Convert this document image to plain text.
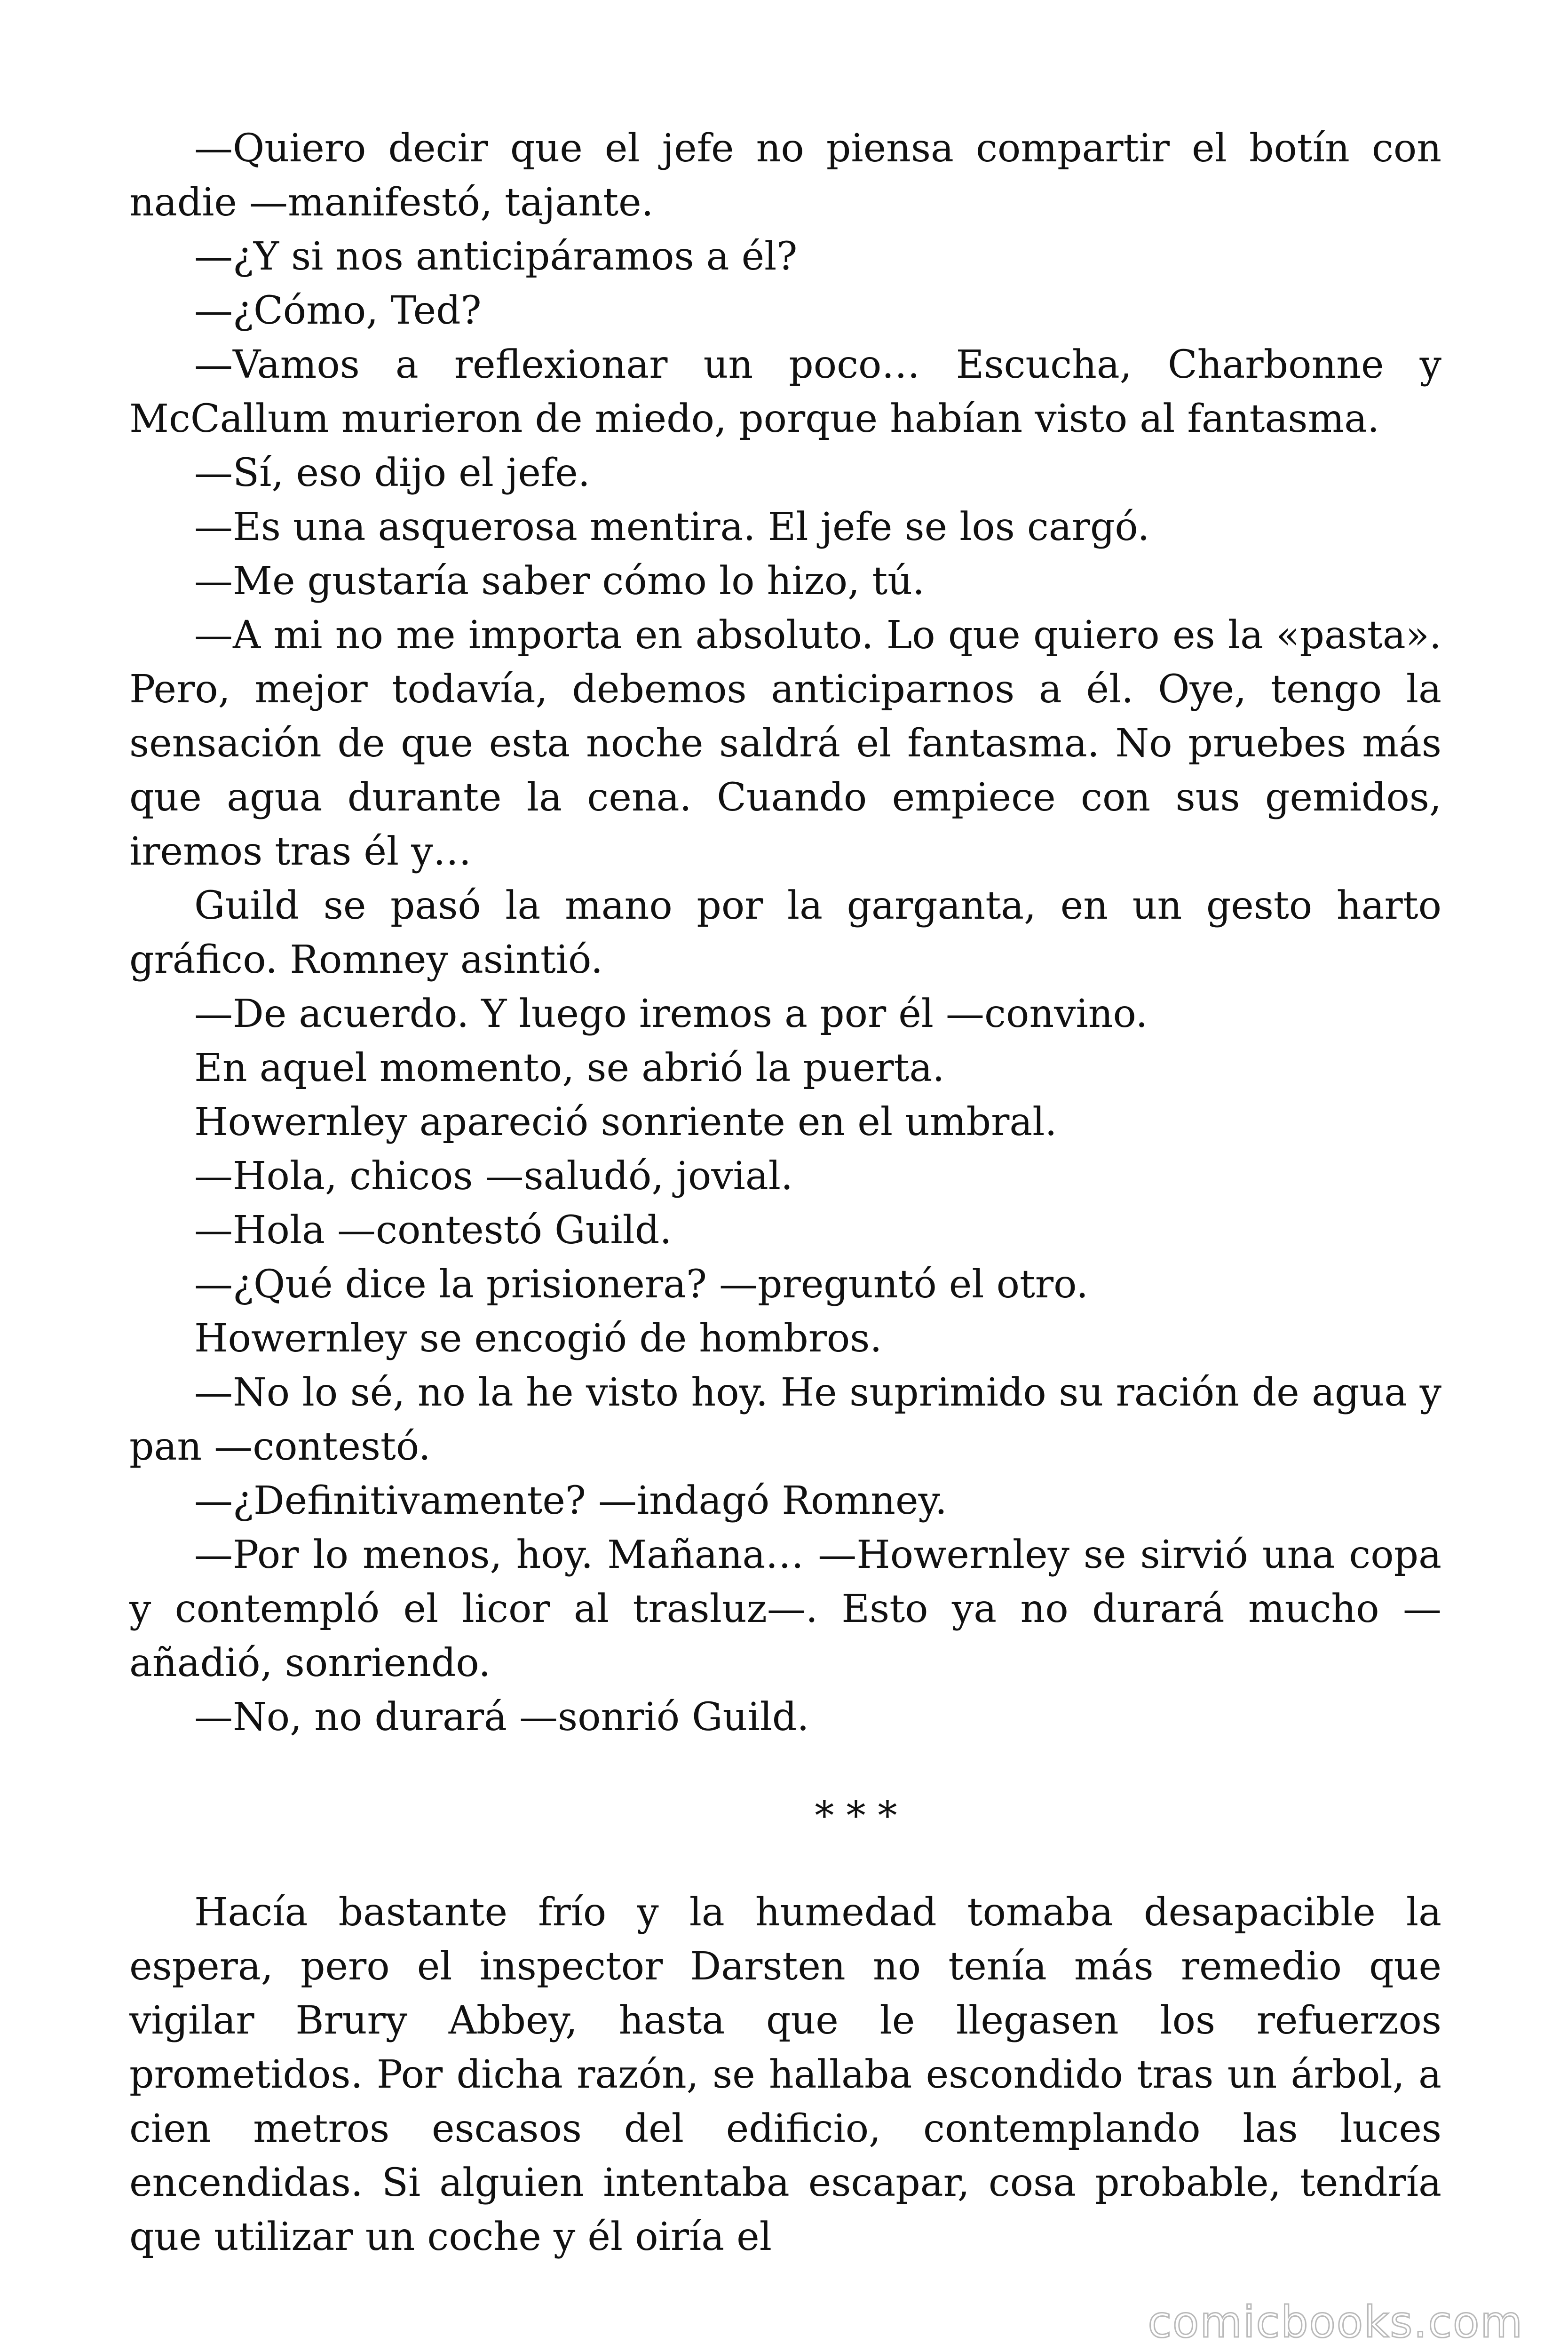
—Quiero decir que el jefe no piensa compartir el botín con nadie —manifestó, tajante.

—¿Y si nos anticipáramos a él?

—¿Cómo, Ted?

—Vamos a reflexionar un poco… Escucha, Charbonne y McCallum murieron de miedo, porque habían visto al fantasma.

—Sí, eso dijo el jefe.

—Es una asquerosa mentira. El jefe se los cargó.

—Me gustaría saber cómo lo hizo, tú.

—A mi no me importa en absoluto. Lo que quiero es la «pasta». Pero, mejor todavía, debemos anticiparnos a él. Oye, tengo la sensación de que esta noche saldrá el fantasma. No pruebes más que agua durante la cena. Cuando empiece con sus gemidos, iremos tras él y…

Guild se pasó la mano por la garganta, en un gesto harto gráfico. Romney asintió.

—De acuerdo. Y luego iremos a por él —convino.

En aquel momento, se abrió la puerta.

Howernley apareció sonriente en el umbral.

—Hola, chicos —saludó, jovial.

—Hola —contestó Guild.

—¿Qué dice la prisionera? —preguntó el otro.

Howernley se encogió de hombros.

—No lo sé, no la he visto hoy. He suprimido su ración de agua y pan —contestó.

—¿Definitivamente? —indagó Romney.

—Por lo menos, hoy. Mañana… —Howernley se sirvió una copa y contempló el licor al trasluz—. Esto ya no durará mucho —añadió, sonriendo.

—No, no durará —sonrió Guild.

* * *

Hacía bastante frío y la humedad tomaba desapacible la espera, pero el inspector Darsten no tenía más remedio que vigilar Brury Abbey, hasta que le llegasen los refuerzos prometidos. Por dicha razón, se hallaba escondido tras un árbol, a cien metros escasos del edificio, contemplando las luces encendidas. Si alguien intentaba escapar, cosa probable, tendría que utilizar un coche y él oiría el

comicbooks.com
